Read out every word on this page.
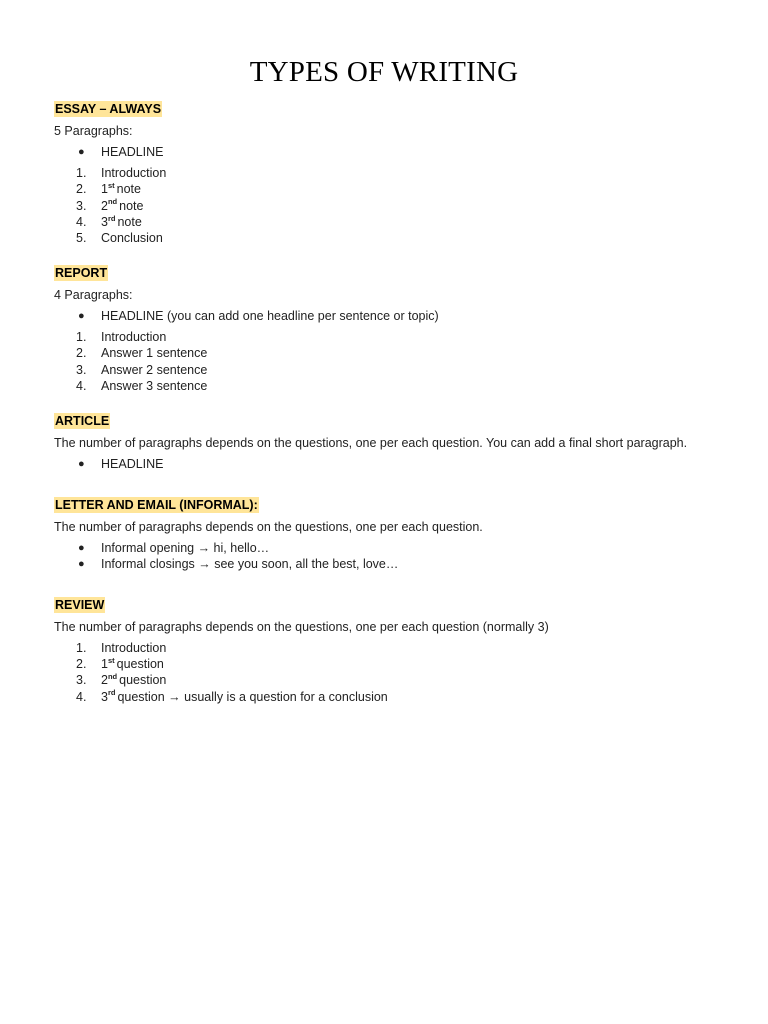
TYPES OF WRITING
ESSAY – ALWAYS
5 Paragraphs:
●	HEADLINE
1.	Introduction
2.	1st note
3.	2nd note
4.	3rd note
5.	Conclusion
REPORT
4 Paragraphs:
●	HEADLINE (you can add one headline per sentence or topic)
1.	Introduction
2.	Answer 1 sentence
3.	Answer 2 sentence
4.	Answer 3 sentence
ARTICLE
The number of paragraphs depends on the questions, one per each question. You can add a final short paragraph.
●	HEADLINE
LETTER AND EMAIL (INFORMAL):
The number of paragraphs depends on the questions, one per each question.
●	Informal opening → hi, hello…
●	Informal closings → see you soon, all the best, love…
REVIEW
The number of paragraphs depends on the questions, one per each question (normally 3)
1.	Introduction
2.	1st question
3.	2nd question
4.	3rd question → usually is a question for a conclusion
